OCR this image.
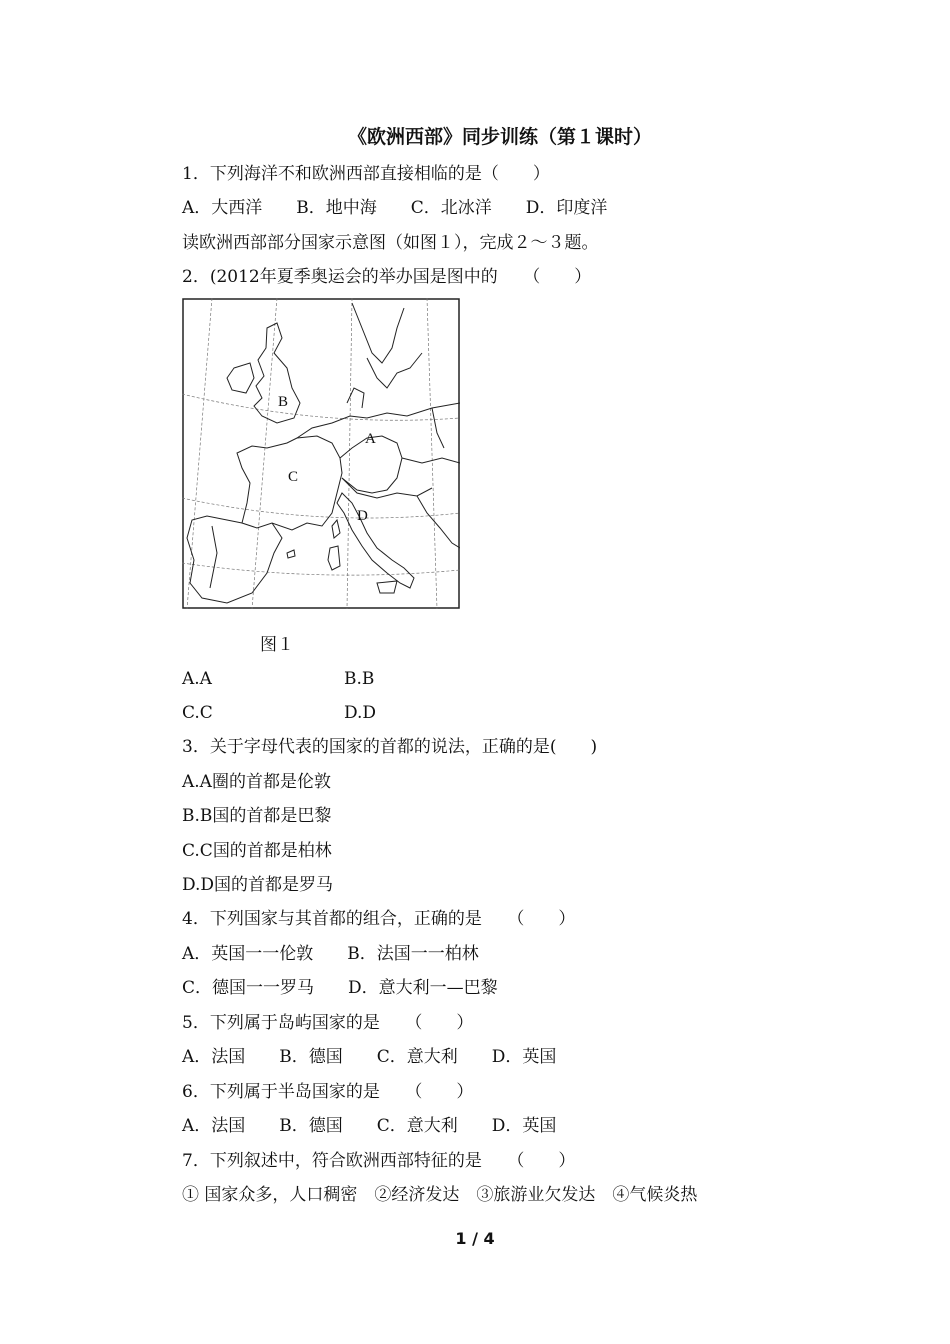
《欧洲西部》同步训练（第１课时）
1．下列海洋不和欧洲西部直接相临的是（　　）
A．大西洋　　B．地中海　　C．北冰洋　　D．印度洋
读欧洲西部部分国家示意图（如图１），完成２～３题。
2．(2012年夏季奥运会的举办国是图中的　　（　　）
B
A
C
D
图１
A.A	B.B
C.C	D.D
3．关于字母代表的国家的首都的说法，正确的是(　　)
A.A圈的首都是伦敦
B.B国的首都是巴黎
C.C国的首都是柏林
D.D国的首都是罗马
4．下列国家与其首都的组合，正确的是　　（　　）
A．英国一一伦敦　　B．法国一一柏林
C．德国一一罗马　　D．意大利一—巴黎
5．下列属于岛屿国家的是　　（　　）
A．法国　　B．德国　　C．意大利　　D．英国
6．下列属于半岛国家的是　　（　　）
A．法国　　B．德国　　C．意大利　　D．英国
7．下列叙述中，符合欧洲西部特征的是　　（　　）
① 国家众多，人口稠密　②经济发达　③旅游业欠发达　④气候炎热
1 / 4
